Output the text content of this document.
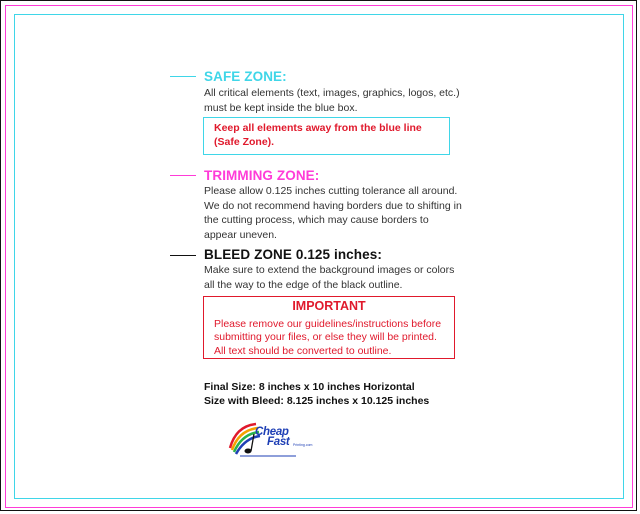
SAFE ZONE:
All critical elements (text, images, graphics, logos, etc.)
must be kept inside the blue box.
Keep all elements away from the blue line
(Safe Zone).
TRIMMING ZONE:
Please allow 0.125 inches cutting tolerance all around.
We do not recommend having borders due to shifting in
the cutting process, which may cause borders to
appear uneven.
BLEED ZONE 0.125 inches:
Make sure to extend the background images or colors
all the way to the edge of the black outline.
IMPORTANT
Please remove our guidelines/instructions before
submitting your files, or else they will be printed.
All text should be converted to outline.
Final Size: 8 inches x 10 inches Horizontal
Size with Bleed: 8.125 inches x 10.125 inches
Cheap
Fast Printing.com
